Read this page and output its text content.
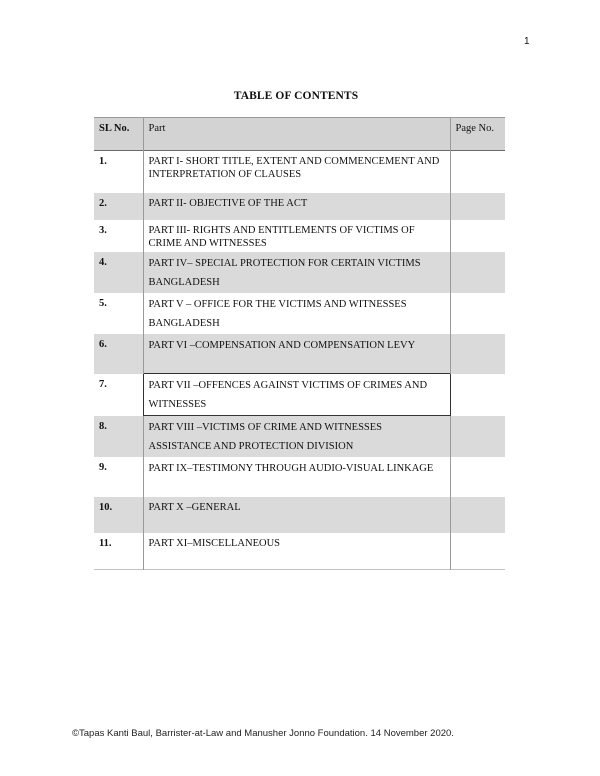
1
TABLE OF CONTENTS
SL No.	Part	Page No.
1.	PART I- SHORT TITLE, EXTENT AND COMMENCEMENT AND INTERPRETATION OF CLAUSES	
2.	PART II- OBJECTIVE OF THE ACT	
3.	PART III- RIGHTS AND ENTITLEMENTS OF VICTIMS OF CRIME AND WITNESSES	
4.	PART IV– SPECIAL PROTECTION FOR CERTAIN VICTIMS BANGLADESH	
5.	PART V – OFFICE FOR THE VICTIMS AND WITNESSES BANGLADESH	
6.	PART VI –COMPENSATION AND COMPENSATION LEVY	
7.	PART VII –OFFENCES AGAINST VICTIMS OF CRIMES AND WITNESSES	
8.	PART VIII –VICTIMS OF CRIME AND WITNESSES ASSISTANCE AND PROTECTION DIVISION	
9.	PART IX–TESTIMONY THROUGH AUDIO-VISUAL LINKAGE	
10.	PART X –GENERAL	
11.	PART XI–MISCELLANEOUS	
©Tapas Kanti Baul, Barrister-at-Law and Manusher Jonno Foundation. 14 November 2020.
